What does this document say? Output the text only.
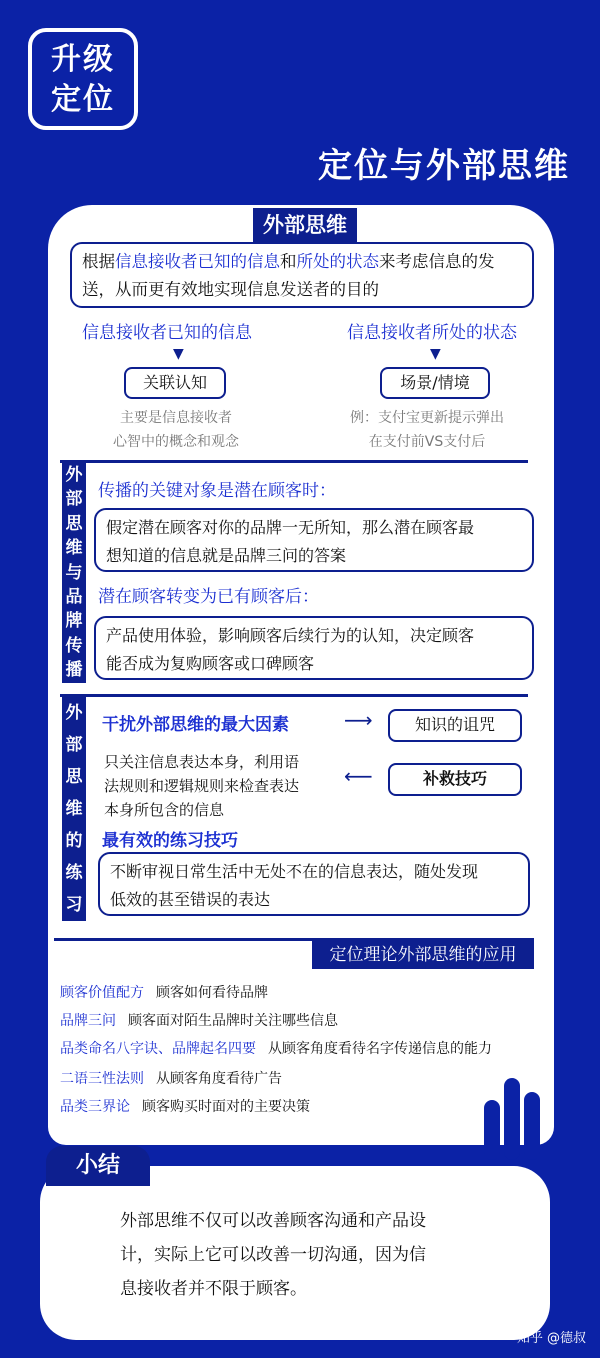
升级
定位
定位与外部思维
外部思维
根据信息接收者已知的信息和所处的状态来考虑信息的发送，从而更有效地实现信息发送者的目的
信息接收者已知的信息	信息接收者所处的状态
▼	▼
关联认知	场景/情境
主要是信息接收者
心智中的概念和观念
例：支付宝更新提示弹出
在支付前VS支付后
外
部
思
维
与
品
牌
传
播
传播的关键对象是潜在顾客时：
假定潜在顾客对你的品牌一无所知，那么潜在顾客最
想知道的信息就是品牌三问的答案
潜在顾客转变为已有顾客后：
产品使用体验，影响顾客后续行为的认知，决定顾客
能否成为复购顾客或口碑顾客
外
部
思
维
的
练
习
干扰外部思维的最大因素	⟶	知识的诅咒
只关注信息表达本身，利用语
法规则和逻辑规则来检查表达
本身所包含的信息
⟵	补救技巧
最有效的练习技巧
不断审视日常生活中无处不在的信息表达，随处发现
低效的甚至错误的表达
定位理论外部思维的应用
顾客价值配方 顾客如何看待品牌
品牌三问 顾客面对陌生品牌时关注哪些信息
品类命名八字诀、品牌起名四要 从顾客角度看待名字传递信息的能力
二语三性法则 从顾客角度看待广告
品类三界论 顾客购买时面对的主要决策
外部思维不仅可以改善顾客沟通和产品设
计，实际上它可以改善一切沟通，因为信
息接收者并不限于顾客。
小结
知乎 @德叔
